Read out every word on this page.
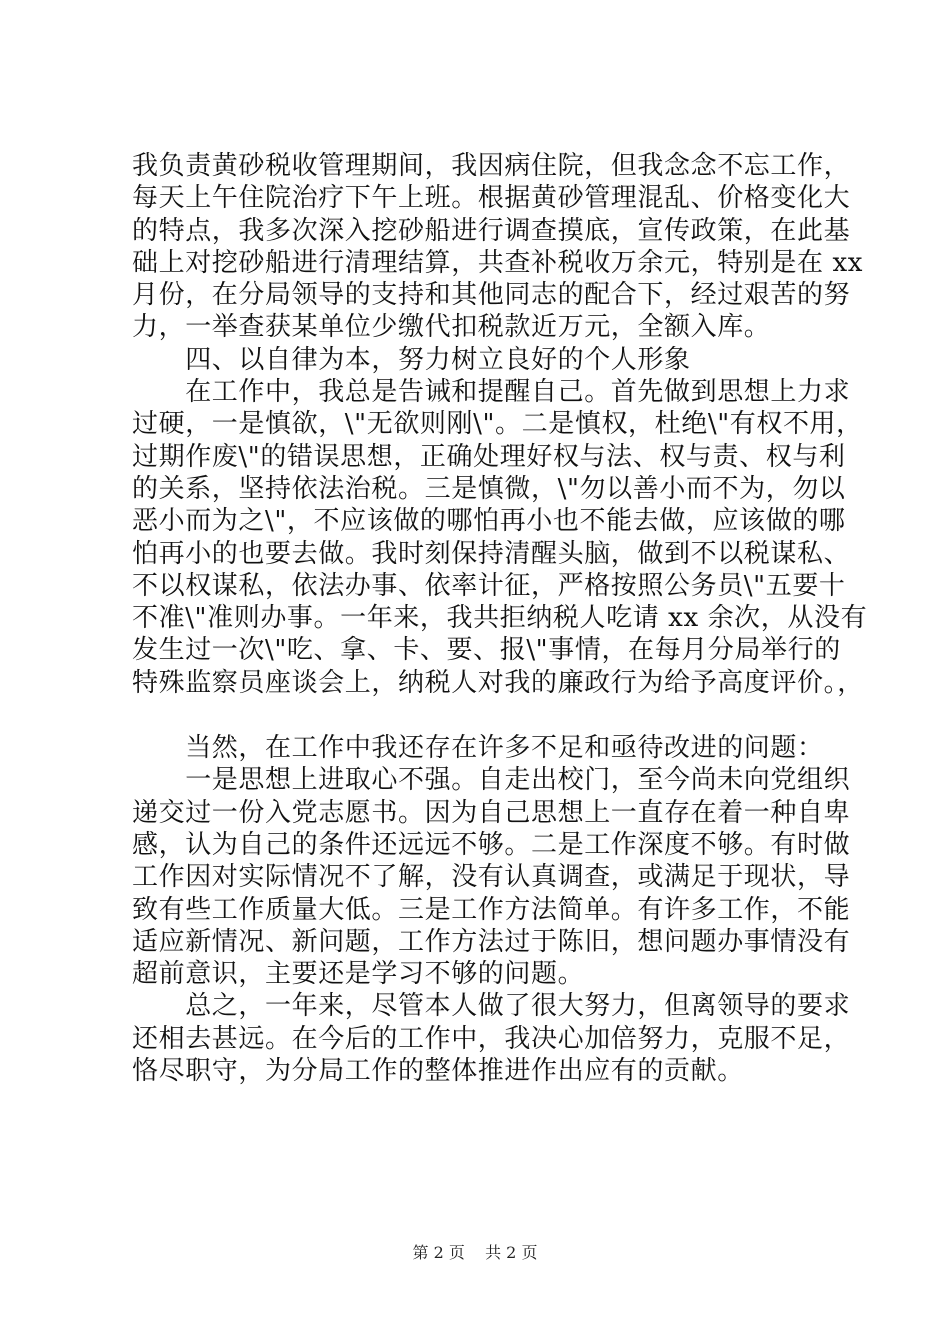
我负责黄砂税收管理期间，我因病住院，但我念念不忘工作，
每天上午住院治疗下午上班。根据黄砂管理混乱、价格变化大
的特点，我多次深入挖砂船进行调查摸底，宣传政策，在此基
础上对挖砂船进行清理结算，共查补税收万余元，特别是在 xx
月份，在分局领导的支持和其他同志的配合下，经过艰苦的努
力，一举查获某单位少缴代扣税款近万元，全额入库。
　　四、以自律为本，努力树立良好的个人形象
　　在工作中，我总是告诫和提醒自己。首先做到思想上力求
过硬，一是慎欲，\"无欲则刚\"。二是慎权，杜绝\"有权不用，
过期作废\"的错误思想，正确处理好权与法、权与责、权与利
的关系，坚持依法治税。三是慎微，\"勿以善小而不为，勿以
恶小而为之\"，不应该做的哪怕再小也不能去做，应该做的哪
怕再小的也要去做。我时刻保持清醒头脑，做到不以税谋私、
不以权谋私，依法办事、依率计征，严格按照公务员\"五要十
不准\"准则办事。一年来，我共拒纳税人吃请 xx 余次，从没有
发生过一次\"吃、拿、卡、要、报\"事情，在每月分局举行的
特殊监察员座谈会上，纳税人对我的廉政行为给予高度评价。，
　　当然，在工作中我还存在许多不足和亟待改进的问题：
　　一是思想上进取心不强。自走出校门，至今尚未向党组织
递交过一份入党志愿书。因为自己思想上一直存在着一种自卑
感，认为自己的条件还远远不够。二是工作深度不够。有时做
工作因对实际情况不了解，没有认真调查，或满足于现状，导
致有些工作质量大低。三是工作方法简单。有许多工作，不能
适应新情况、新问题，工作方法过于陈旧，想问题办事情没有
超前意识，主要还是学习不够的问题。
　　总之，一年来，尽管本人做了很大努力，但离领导的要求
还相去甚远。在今后的工作中，我决心加倍努力，克服不足，
恪尽职守，为分局工作的整体推进作出应有的贡献。
第 2 页 共 2 页
